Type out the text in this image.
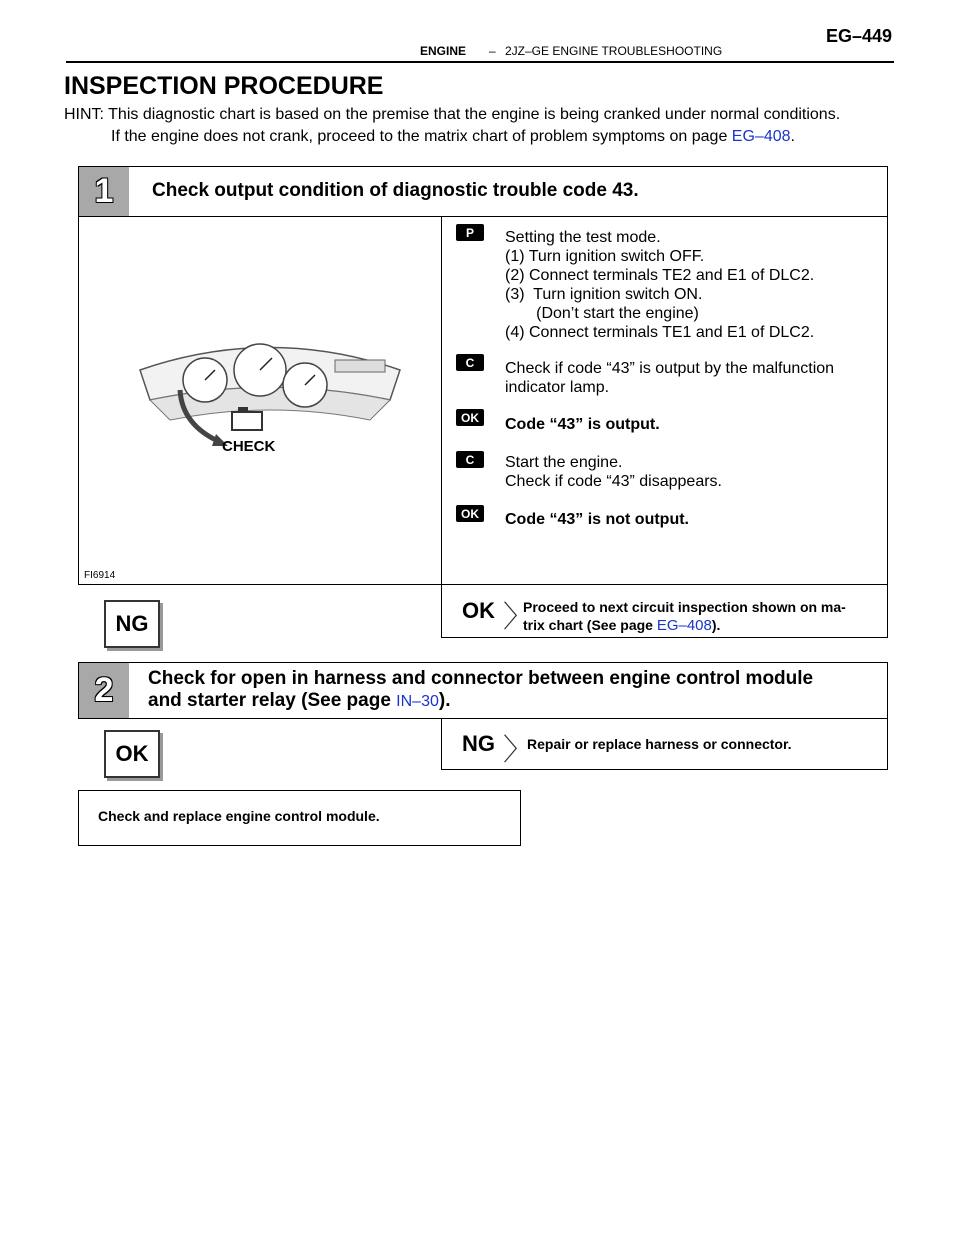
ENGINE – 2JZ–GE ENGINE TROUBLESHOOTING
EG–449
INSPECTION PROCEDURE
HINT: This diagnostic chart is based on the premise that the engine is being cranked under normal conditions.
If the engine does not crank, proceed to the matrix chart of problem symptoms on page EG–408.
1	Check output condition of diagnostic trouble code 43.
CHECK
FI6914
P	Setting the test mode.
(1) Turn ignition switch OFF.
(2) Connect terminals TE2 and E1 of DLC2.
(3)  Turn ignition switch ON.
(Don’t start the engine)
(4) Connect terminals TE1 and E1 of DLC2.
C	Check if code “43” is output by the malfunction
indicator lamp.
OK	Code “43” is output.
C	Start the engine.
Check if code “43” disappears.
OK	Code “43” is not output.
NG
OK 〉
Proceed to next circuit inspection shown on ma-
trix chart (See page EG–408).
2	Check for open in harness and connector between engine control module
and starter relay (See page IN–30).
OK	NG 〉
Repair or replace harness or connector.
Check and replace engine control module.
